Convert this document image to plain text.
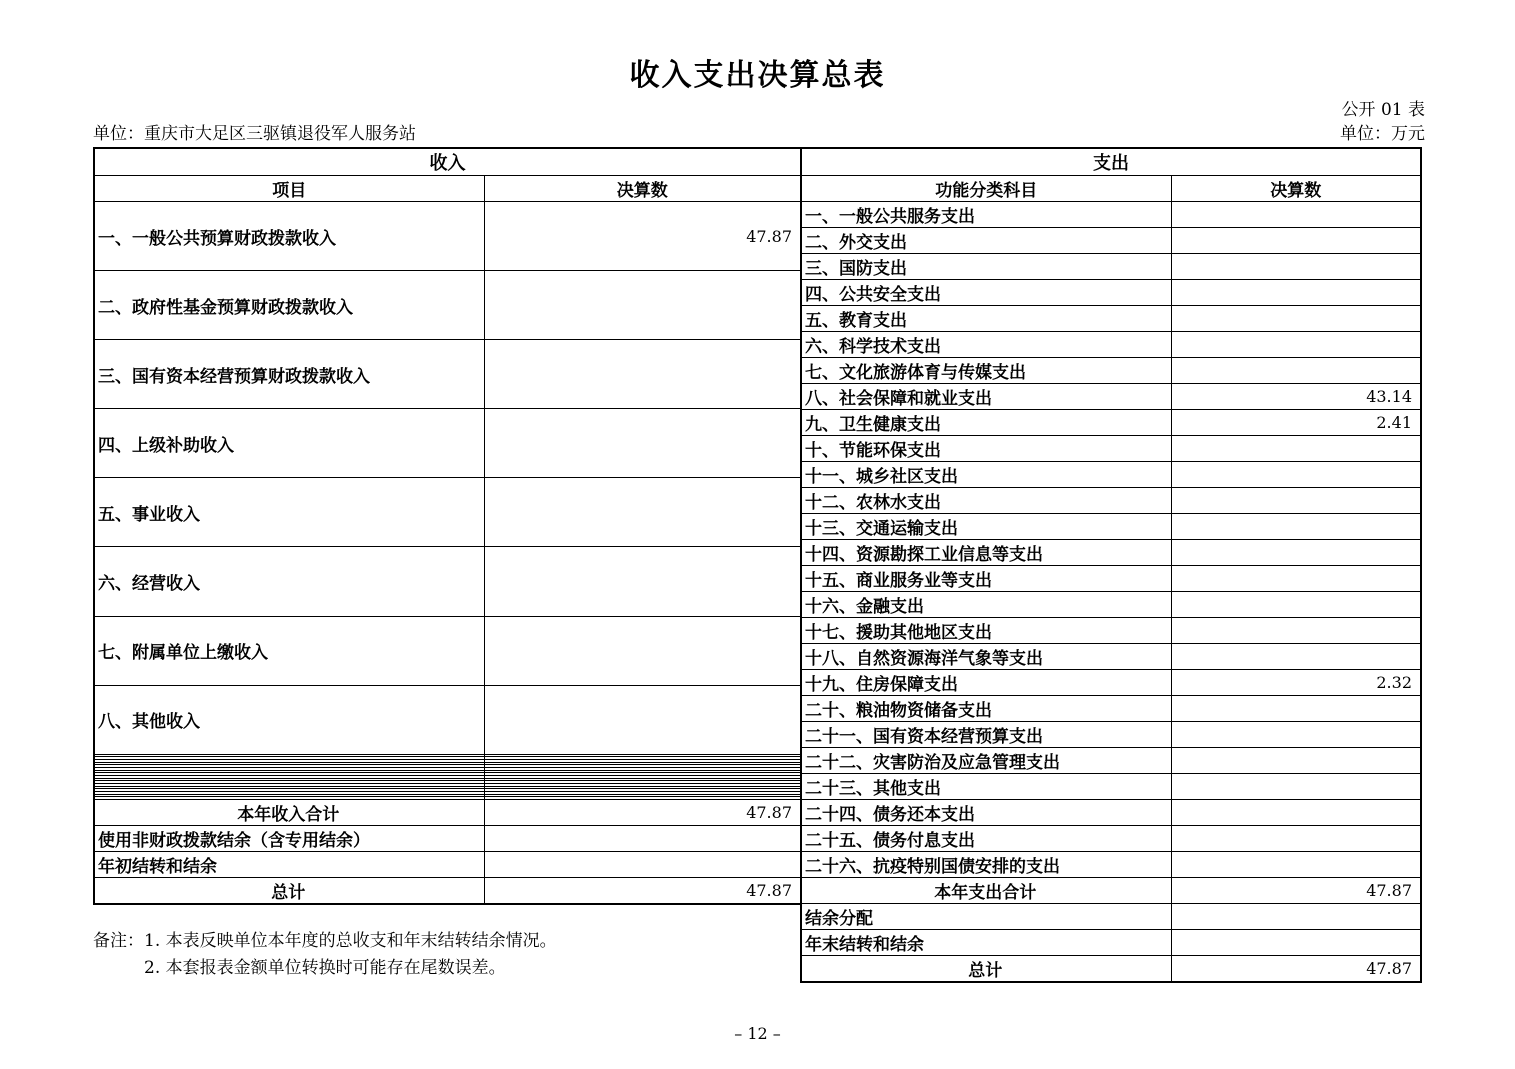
收入支出决算总表
公开 01 表
单位：重庆市大足区三驱镇退役军人服务站	单位：万元
收入	
项目	决算数
一、一般公共预算财政拨款收入	47.87
二、政府性基金预算财政拨款收入	
三、国有资本经营预算财政拨款收入	
四、上级补助收入	
五、事业收入	
六、经营收入	
七、附属单位上缴收入	
八、其他收入	

本年收入合计	47.87
使用非财政拨款结余（含专用结余）	
年初结转和结余	
总计	47.87
支出	
功能分类科目	决算数
一、一般公共服务支出	
二、外交支出	
三、国防支出	
四、公共安全支出	
五、教育支出	
六、科学技术支出	
七、文化旅游体育与传媒支出	
八、社会保障和就业支出	43.14
九、卫生健康支出	2.41
十、节能环保支出	
十一、城乡社区支出	
十二、农林水支出	
十三、交通运输支出	
十四、资源勘探工业信息等支出	
十五、商业服务业等支出	
十六、金融支出	
十七、援助其他地区支出	
十八、自然资源海洋气象等支出	
十九、住房保障支出	2.32
二十、粮油物资储备支出	
二十一、国有资本经营预算支出	
二十二、灾害防治及应急管理支出	
二十三、其他支出	
二十四、债务还本支出	
二十五、债务付息支出	
二十六、抗疫特别国债安排的支出	
本年支出合计	47.87
结余分配	
年末结转和结余	
总计	47.87
备注：1. 本表反映单位本年度的总收支和年末结转结余情况。
2. 本套报表金额单位转换时可能存在尾数误差。
– 12 –
